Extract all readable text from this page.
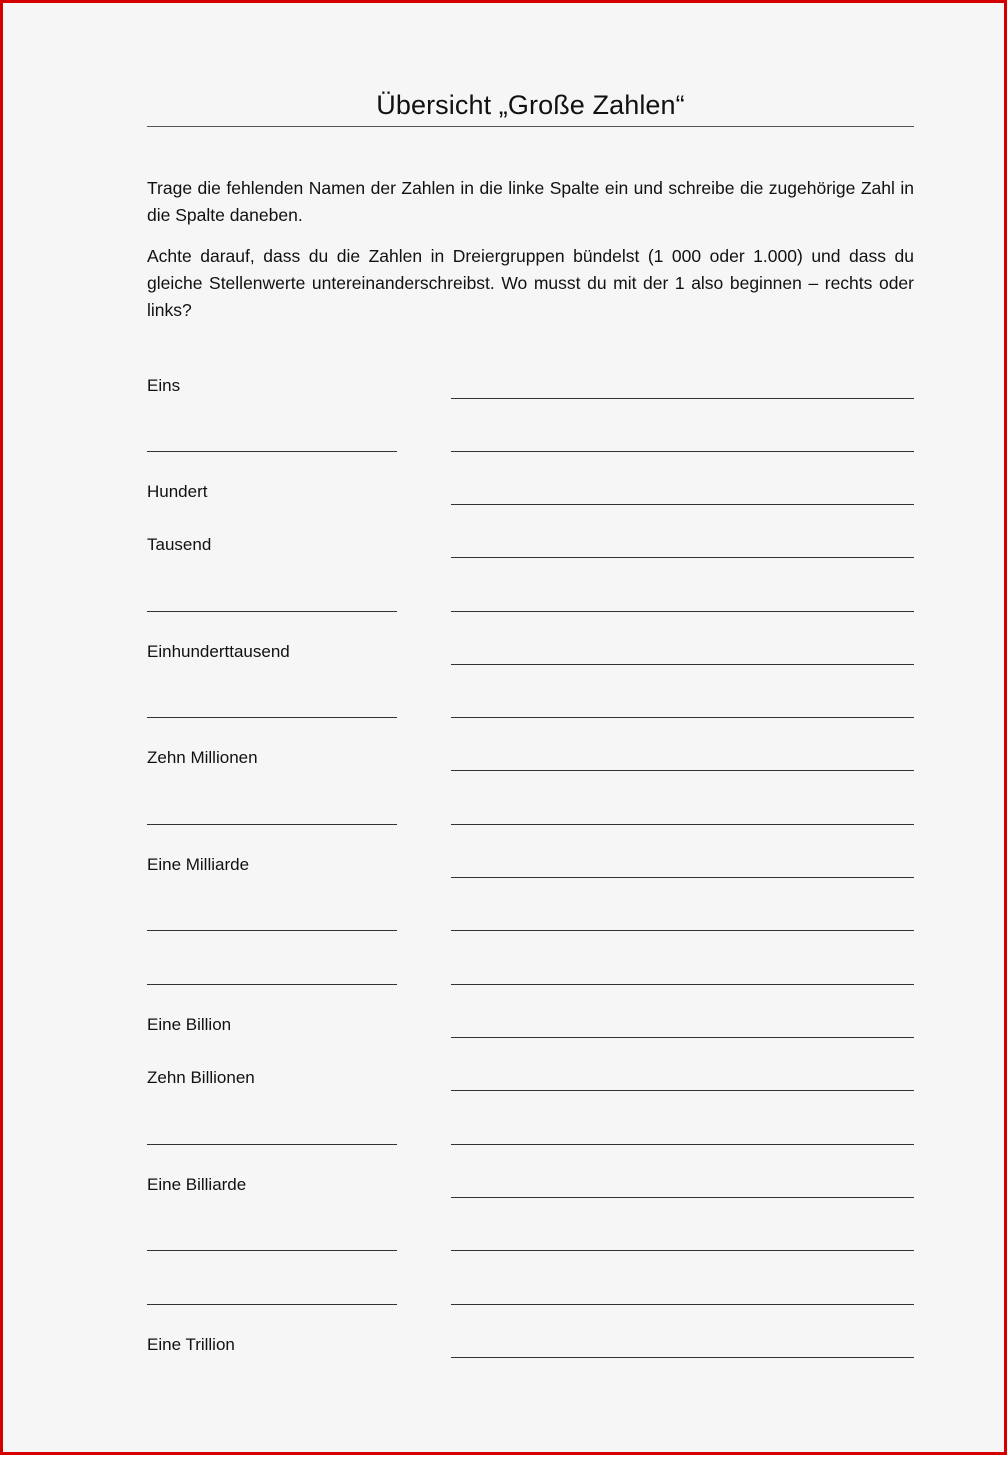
Übersicht „Große Zahlen“

Trage die fehlenden Namen der Zahlen in die linke Spalte ein und schreibe die zugehörige Zahl in die Spalte daneben.

Achte darauf, dass du die Zahlen in Dreiergruppen bündelst (1 000 oder 1.000) und dass du gleiche Stellenwerte untereinanderschreibst. Wo musst du mit der 1 also beginnen – rechts oder links?

Eins
Hundert
Tausend
Einhunderttausend
Zehn Millionen
Eine Milliarde
Eine Billion
Zehn Billionen
Eine Billiarde
Eine Trillion
